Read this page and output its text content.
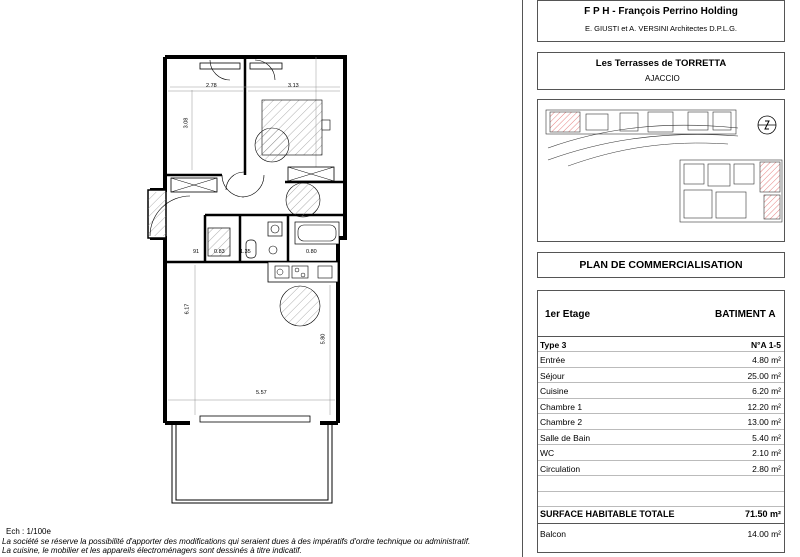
2.78	3.13
3.08
91	0.83	1.35	0.80
6.17
5.80
5.57
Ech : 1/100e
La société se réserve la possibilité d'apporter des modifications qui seraient dues à des impératifs d'ordre technique ou administratif.
La cuisine, le mobilier et les appareils électroménagers sont dessinés à titre indicatif.
F P H - François Perrino Holding
E. GIUSTI et A. VERSINI Architectes D.P.L.G.
Les Terrasses de TORRETTA
AJACCIO
PLAN DE COMMERCIALISATION
1er Etage	BATIMENT A
Type 3	N°A 1-5
Entrée	4.80 m²
Séjour	25.00 m²
Cuisine	6.20 m²
Chambre 1	12.20 m²
Chambre 2	13.00 m²
Salle de Bain	5.40 m²
WC	2.10 m²
Circulation	2.80 m²
SURFACE HABITABLE TOTALE	71.50 m²
Balcon	14.00 m²
